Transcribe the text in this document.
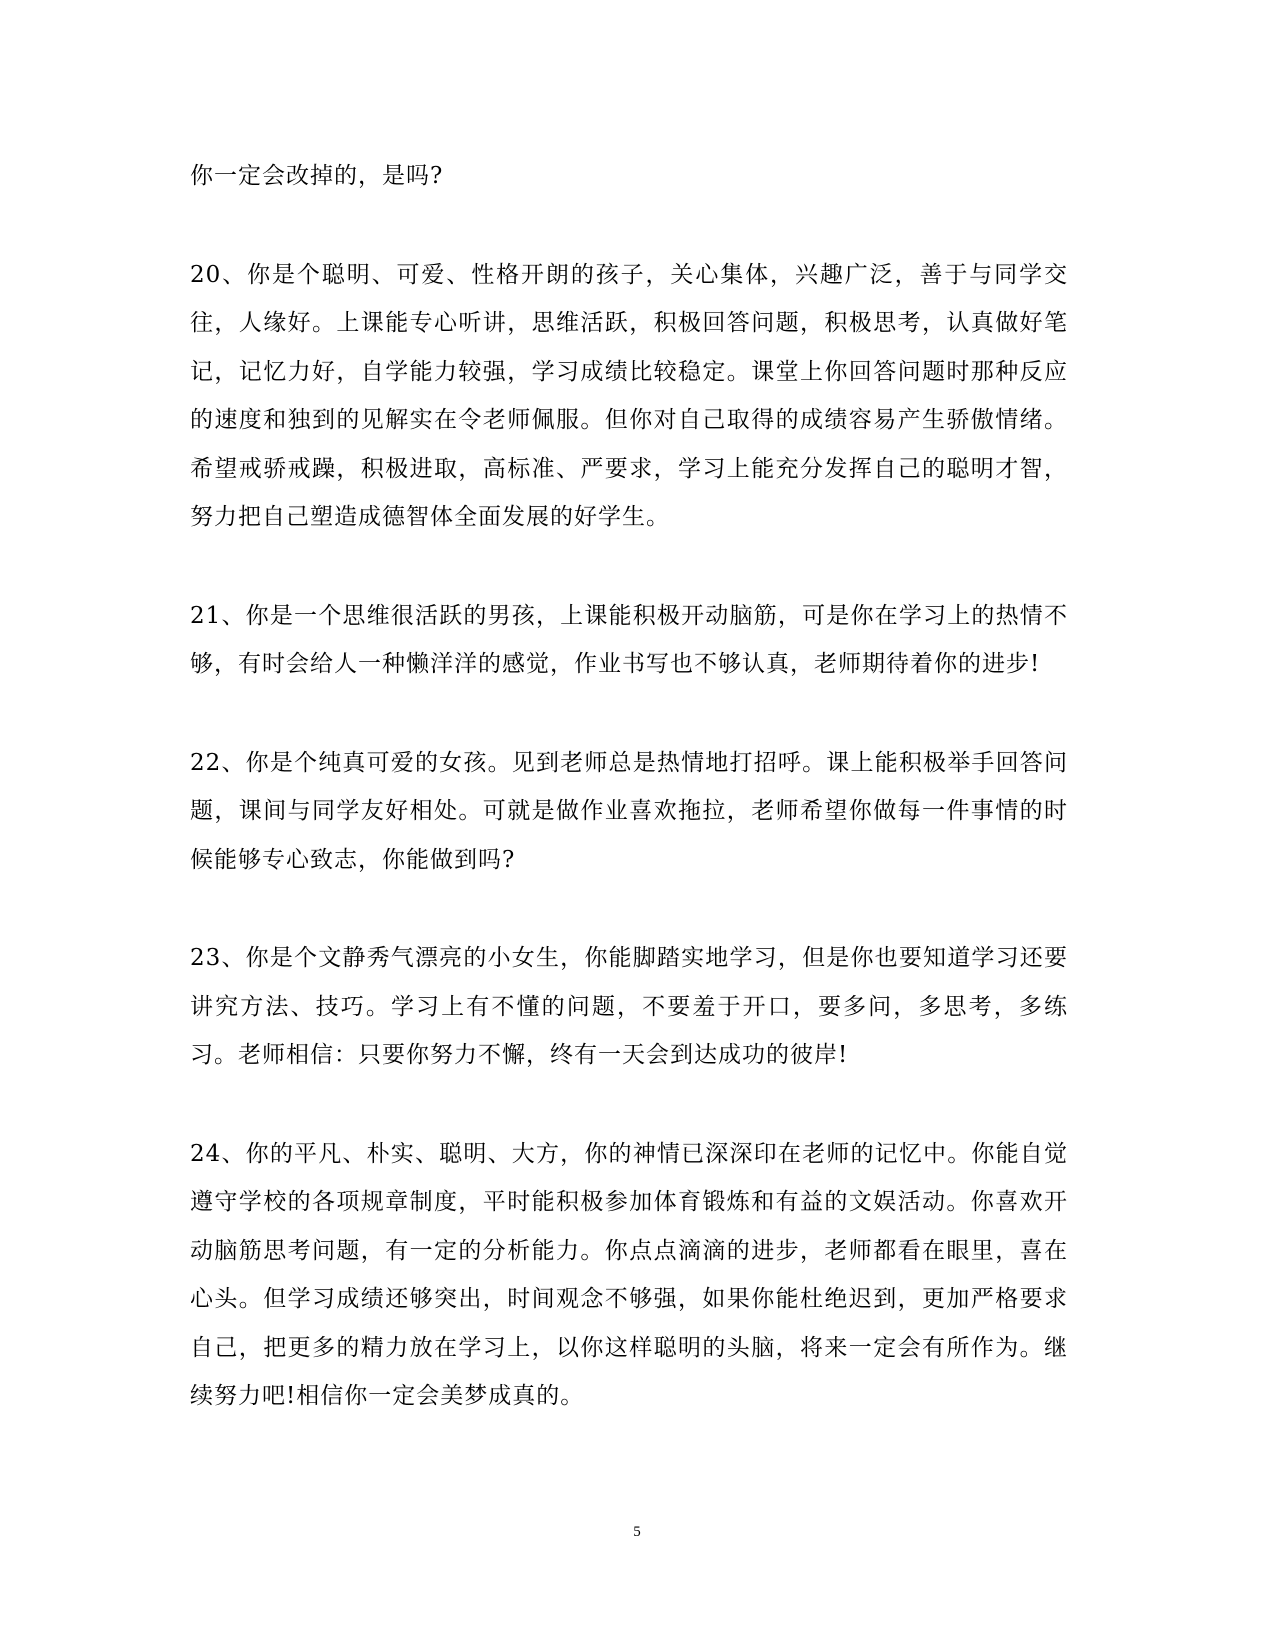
你一定会改掉的，是吗?

20、你是个聪明、可爱、性格开朗的孩子，关心集体，兴趣广泛，善于与同学交往，人缘好。上课能专心听讲，思维活跃，积极回答问题，积极思考，认真做好笔记，记忆力好，自学能力较强，学习成绩比较稳定。课堂上你回答问题时那种反应的速度和独到的见解实在令老师佩服。但你对自己取得的成绩容易产生骄傲情绪。希望戒骄戒躁，积极进取，高标准、严要求，学习上能充分发挥自己的聪明才智，努力把自己塑造成德智体全面发展的好学生。

21、你是一个思维很活跃的男孩，上课能积极开动脑筋，可是你在学习上的热情不够，有时会给人一种懒洋洋的感觉，作业书写也不够认真，老师期待着你的进步!

22、你是个纯真可爱的女孩。见到老师总是热情地打招呼。课上能积极举手回答问题，课间与同学友好相处。可就是做作业喜欢拖拉，老师希望你做每一件事情的时候能够专心致志，你能做到吗?

23、你是个文静秀气漂亮的小女生，你能脚踏实地学习，但是你也要知道学习还要讲究方法、技巧。学习上有不懂的问题，不要羞于开口，要多问，多思考，多练习。老师相信：只要你努力不懈，终有一天会到达成功的彼岸!

24、你的平凡、朴实、聪明、大方，你的神情已深深印在老师的记忆中。你能自觉遵守学校的各项规章制度，平时能积极参加体育锻炼和有益的文娱活动。你喜欢开动脑筋思考问题，有一定的分析能力。你点点滴滴的进步，老师都看在眼里，喜在心头。但学习成绩还够突出，时间观念不够强，如果你能杜绝迟到，更加严格要求自己，把更多的精力放在学习上，以你这样聪明的头脑，将来一定会有所作为。继续努力吧!相信你一定会美梦成真的。

5
